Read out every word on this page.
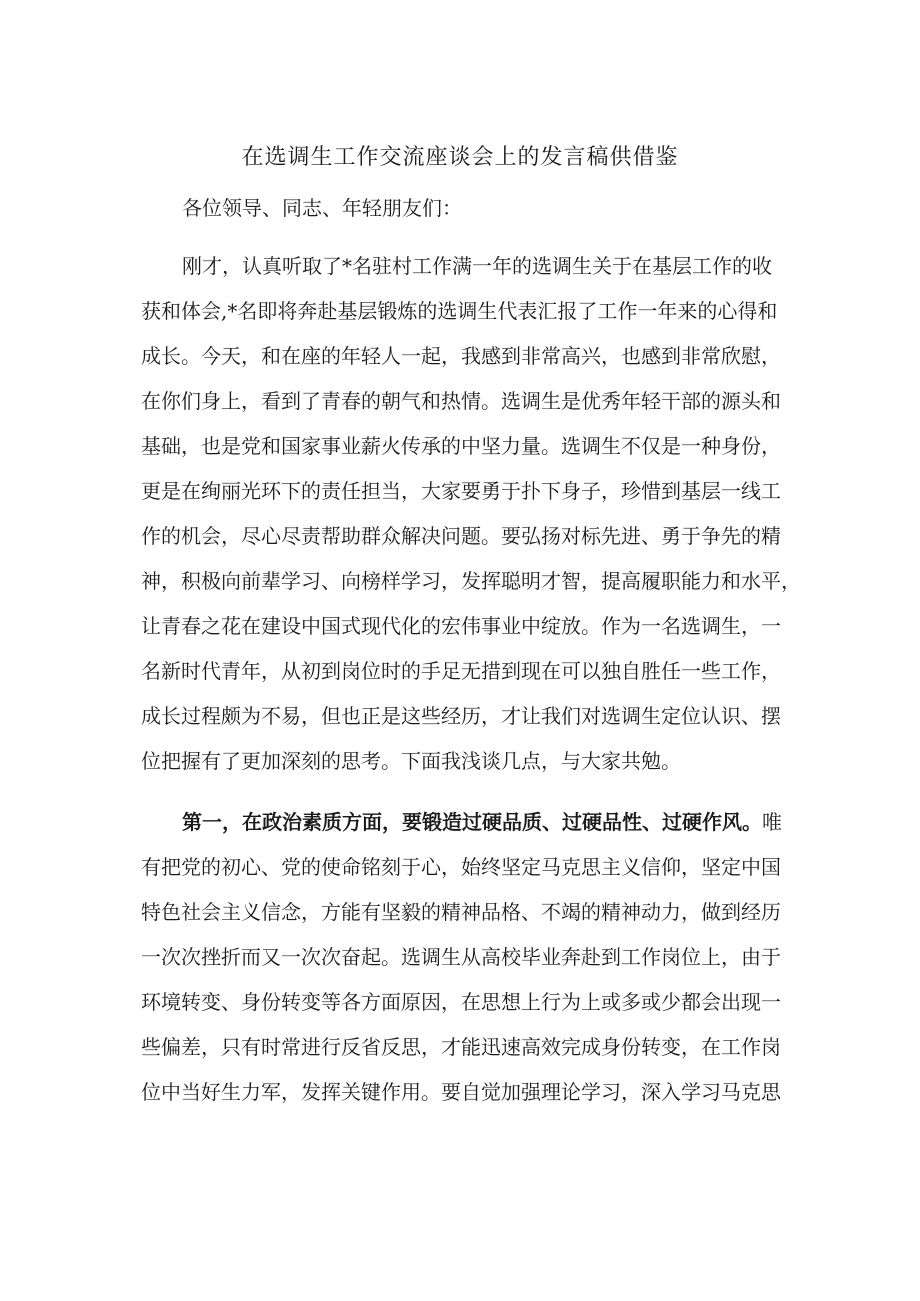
在选调生工作交流座谈会上的发言稿供借鉴
各位领导、同志、年轻朋友们：
刚才，认真听取了*名驻村工作满一年的选调生关于在基层工作的收
获和体会,*名即将奔赴基层锻炼的选调生代表汇报了工作一年来的心得和
成长。今天，和在座的年轻人一起，我感到非常高兴，也感到非常欣慰，
在你们身上，看到了青春的朝气和热情。选调生是优秀年轻干部的源头和
基础，也是党和国家事业薪火传承的中坚力量。选调生不仅是一种身份，
更是在绚丽光环下的责任担当，大家要勇于扑下身子，珍惜到基层一线工
作的机会，尽心尽责帮助群众解决问题。要弘扬对标先进、勇于争先的精
神，积极向前辈学习、向榜样学习，发挥聪明才智，提高履职能力和水平，
让青春之花在建设中国式现代化的宏伟事业中绽放。作为一名选调生，一
名新时代青年，从初到岗位时的手足无措到现在可以独自胜任一些工作，
成长过程颇为不易，但也正是这些经历，才让我们对选调生定位认识、摆
位把握有了更加深刻的思考。下面我浅谈几点，与大家共勉。
第一，在政治素质方面，要锻造过硬品质、过硬品性、过硬作风。唯
有把党的初心、党的使命铭刻于心，始终坚定马克思主义信仰，坚定中国
特色社会主义信念，方能有坚毅的精神品格、不竭的精神动力，做到经历
一次次挫折而又一次次奋起。选调生从高校毕业奔赴到工作岗位上，由于
环境转变、身份转变等各方面原因，在思想上行为上或多或少都会出现一
些偏差，只有时常进行反省反思，才能迅速高效完成身份转变，在工作岗
位中当好生力军，发挥关键作用。要自觉加强理论学习，深入学习马克思
